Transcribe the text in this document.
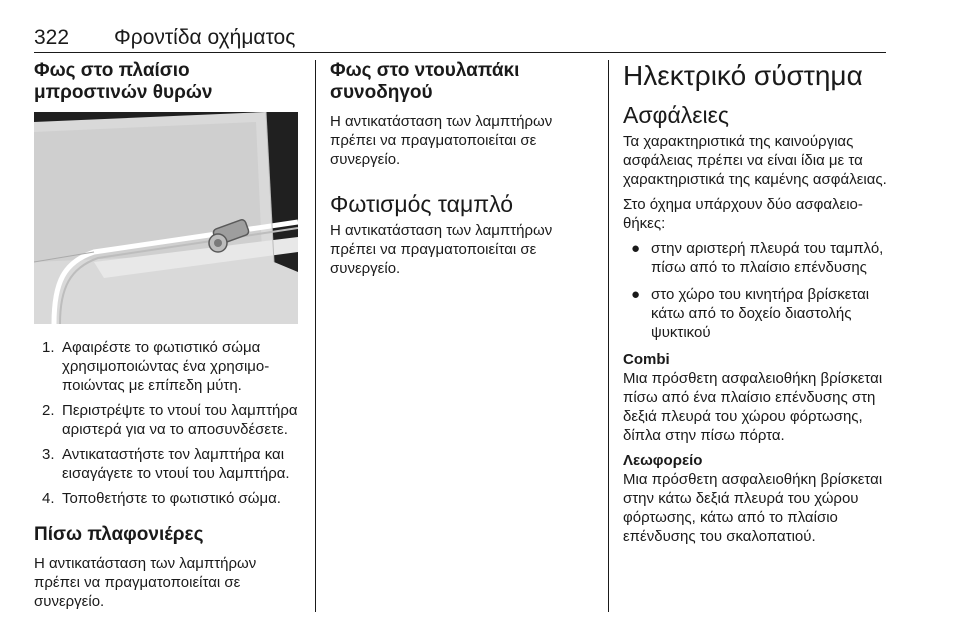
322 Φροντίδα οχήματος
Φως στο πλαίσιο μπροστινών θυρών
1. Αφαιρέστε το φωτιστικό σώμα χρησιμοποιώντας ένα χρησιμοποιώντας με επίπεδη μύτη.
2. Περιστρέψτε το ντουί του λαμπτήρα αριστερά για να το αποσυνδέσετε.
3. Αντικαταστήστε τον λαμπτήρα και εισαγάγετε το ντουί του λαμπτήρα.
4. Τοποθετήστε το φωτιστικό σώμα.
Πίσω πλαφονιέρες

Η αντικατάσταση των λαμπτήρων πρέπει να πραγματοποιείται σε συνεργείο.

Φως στο ντουλαπάκι συνοδηγού

Η αντικατάσταση των λαμπτήρων πρέπει να πραγματοποιείται σε συνεργείο.

Φωτισμός ταμπλό

Η αντικατάσταση των λαμπτήρων πρέπει να πραγματοποιείται σε συνεργείο.

Ηλεκτρικό σύστημα
Ασφάλειες

Τα χαρακτηριστικά της καινούργιας ασφάλειας πρέπει να είναι ίδια με τα χαρακτηριστικά της καμένης ασφάλειας.

Στο όχημα υπάρχουν δύο ασφαλειοθήκες:

● στην αριστερή πλευρά του ταμπλό, πίσω από το πλαίσιο επένδυσης
● στο χώρο του κινητήρα βρίσκεται κάτω από το δοχείο διαστολής ψυκτικού
Combi

Μια πρόσθετη ασφαλειοθήκη βρίσκεται πίσω από ένα πλαίσιο επένδυσης στη δεξιά πλευρά του χώρου φόρτωσης, δίπλα στην πίσω πόρτα.

Λεωφορείο

Μια πρόσθετη ασφαλειοθήκη βρίσκεται στην κάτω δεξιά πλευρά του χώρου φόρτωσης, κάτω από το πλαίσιο επένδυσης του σκαλοπατιού.
